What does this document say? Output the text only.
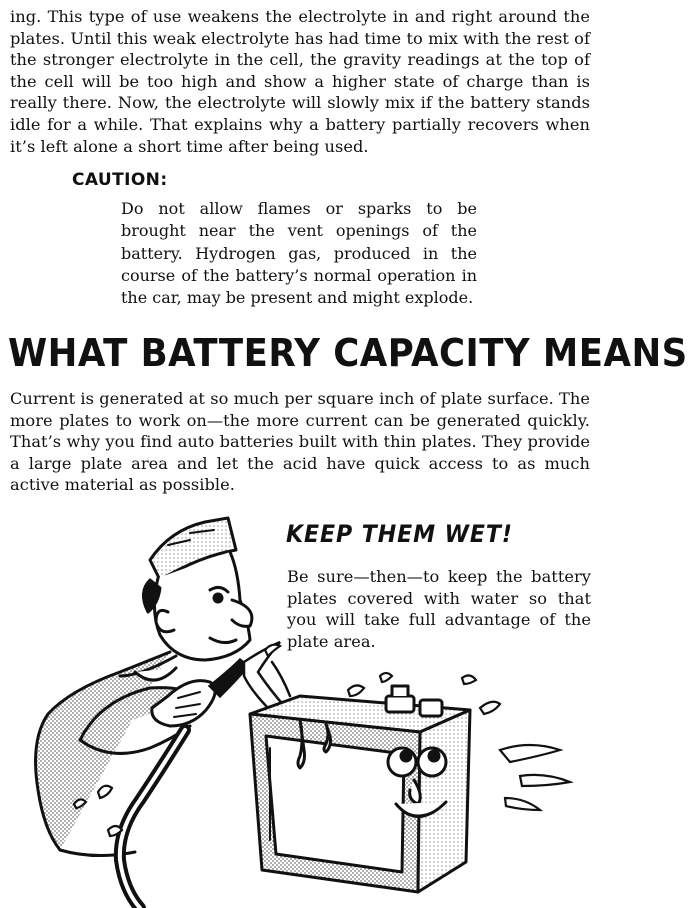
ing. This type of use weakens the electrolyte in and right around the plates. Until this weak electrolyte has had time to mix with the rest of the stronger electrolyte in the cell, the gravity readings at the top of the cell will be too high and show a higher state of charge than is really there. Now, the electrolyte will slowly mix if the battery stands idle for a while. That explains why a battery partially recovers when it’s left alone a short time after being used.

CAUTION:

Do not allow flames or sparks to be brought near the vent openings of the battery. Hydrogen gas, produced in the course of the battery’s normal operation in the car, may be present and might explode.

WHAT BATTERY CAPACITY MEANS

Current is generated at so much per square inch of plate surface. The more plates to work on—the more current can be generated quickly. That’s why you find auto batteries built with thin plates. They provide a large plate area and let the acid have quick access to as much active material as possible.

KEEP THEM WET!

Be sure—then—to keep the battery plates covered with water so that you will take full advantage of the plate area.
